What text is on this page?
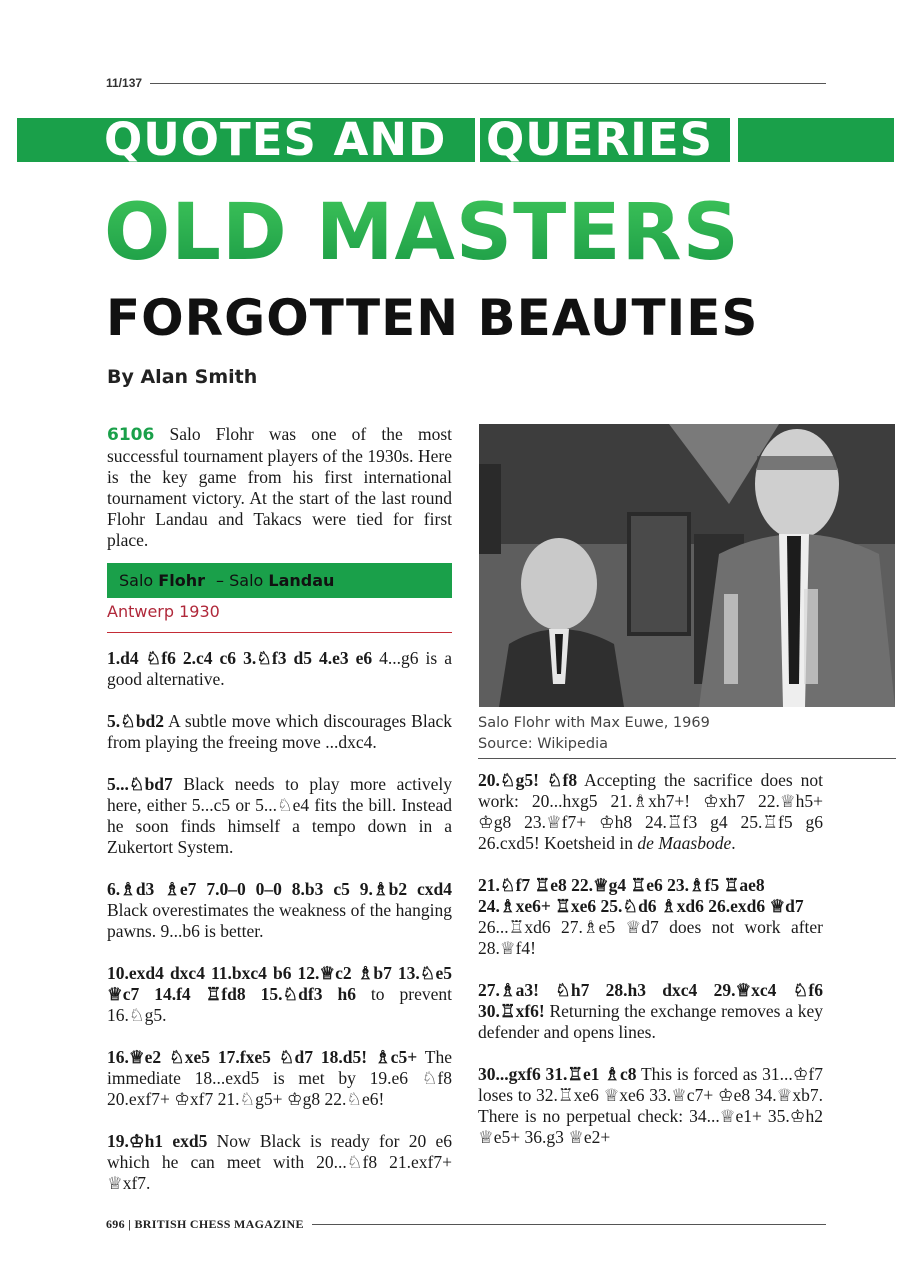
11/137
QUOTES AND QUERIES
OLD MASTERS
FORGOTTEN BEAUTIES
By Alan Smith

6106 Salo Flohr was one of the most successful tournament players of the 1930s. Here is the key game from his first international tournament victory. At the start of the last round Flohr Landau and Takacs were tied for first place.

Salo Flohr – Salo Landau
Antwerp 1930

1.d4 ♘f6 2.c4 c6 3.♘f3 d5 4.e3 e6 4...g6 is a good alternative.

5.♘bd2 A subtle move which discourages Black from playing the freeing move ...dxc4.

5...♘bd7 Black needs to play more actively here, either 5...c5 or 5...♘e4 fits the bill. Instead he soon finds himself a tempo down in a Zukertort System.

6.♗d3 ♗e7 7.0–0 0–0 8.b3 c5 9.♗b2 cxd4 Black overestimates the weakness of the hanging pawns. 9...b6 is better.

10.exd4 dxc4 11.bxc4 b6 12.♕c2 ♗b7 13.♘e5 ♕c7 14.f4 ♖fd8 15.♘df3 h6 to prevent 16.♘g5.

16.♕e2 ♘xe5 17.fxe5 ♘d7 18.d5! ♗c5+ The immediate 18...exd5 is met by 19.e6 ♘f8 20.exf7+ ♔xf7 21.♘g5+ ♔g8 22.♘e6!

19.♔h1 exd5 Now Black is ready for 20 e6 which he can meet with 20...♘f8 21.exf7+ ♕xf7.

Salo Flohr with Max Euwe, 1969
Source: Wikipedia

20.♘g5! ♘f8 Accepting the sacrifice does not work: 20...hxg5 21.♗xh7+! ♔xh7 22.♕h5+ ♔g8 23.♕f7+ ♔h8 24.♖f3 g4 25.♖f5 g6 26.cxd5! Koetsheid in de Maasbode.

21.♘f7 ♖e8 22.♕g4 ♖e6 23.♗f5 ♖ae8 24.♗xe6+ ♖xe6 25.♘d6 ♗xd6 26.exd6 ♕d7

26...♖xd6 27.♗e5 ♕d7 does not work after 28.♕f4!

27.♗a3! ♘h7 28.h3 dxc4 29.♕xc4 ♘f6 30.♖xf6! Returning the exchange removes a key defender and opens lines.

30...gxf6 31.♖e1 ♗c8 This is forced as 31...♔f7 loses to 32.♖xe6 ♕xe6 33.♕c7+ ♔e8 34.♕xb7. There is no perpetual check: 34...♕e1+ 35.♔h2 ♕e5+ 36.g3 ♕e2+

696 | BRITISH CHESS MAGAZINE
